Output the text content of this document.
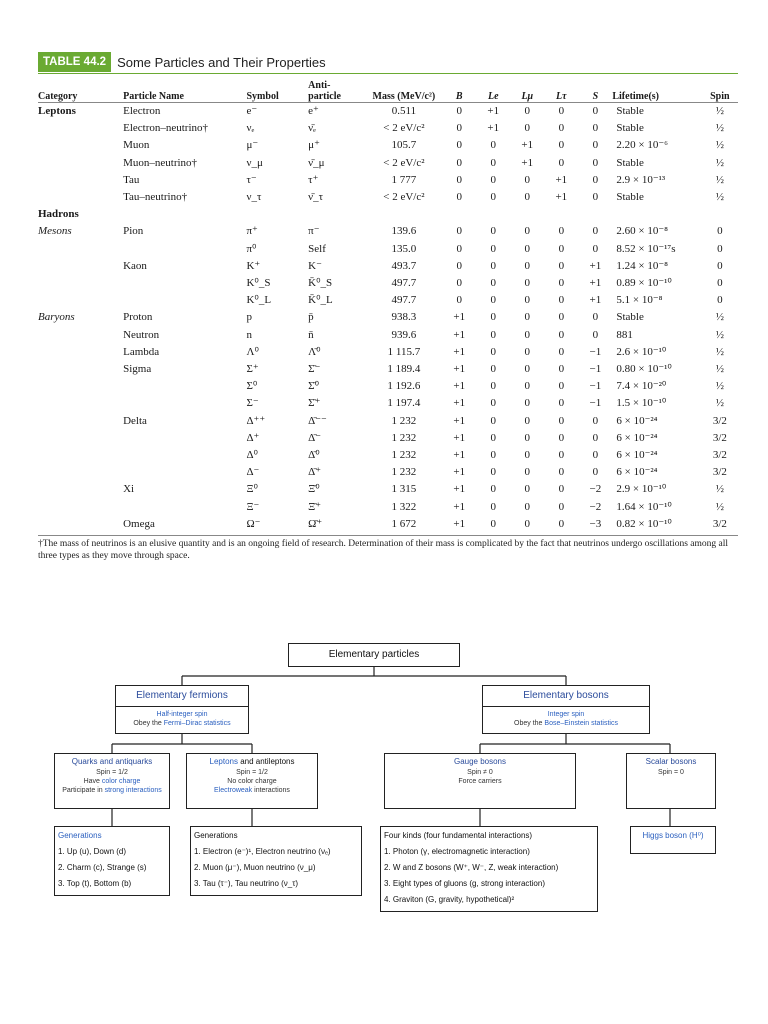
TABLE 44.2 Some Particles and Their Properties
Category	Particle Name	Symbol	Anti- particle	Mass (MeV/c²)	B	Le	Lμ	Lτ	S	Lifetime(s)	Spin
Leptons	Electron	e⁻	e⁺	0.511	0	+1	0	0	0	Stable	½
	Electron–neutrino†	νₑ	ν̄ₑ	< 2 eV/c²	0	+1	0	0	0	Stable	½
	Muon	μ⁻	μ⁺	105.7	0	0	+1	0	0	2.20 × 10⁻⁶	½
	Muon–neutrino†	ν_μ	ν̄_μ	< 2 eV/c²	0	0	+1	0	0	Stable	½
	Tau	τ⁻	τ⁺	1 777	0	0	0	+1	0	2.9 × 10⁻¹³	½
	Tau–neutrino†	ν_τ	ν̄_τ	< 2 eV/c²	0	0	0	+1	0	Stable	½
Hadrons											
Mesons	Pion	π⁺	π⁻	139.6	0	0	0	0	0	2.60 × 10⁻⁸	0
		π⁰	Self	135.0	0	0	0	0	0	8.52 × 10⁻¹⁷s	0
	Kaon	K⁺	K⁻	493.7	0	0	0	0	+1	1.24 × 10⁻⁸	0
		K⁰_S	K̄⁰_S	497.7	0	0	0	0	+1	0.89 × 10⁻¹⁰	0
		K⁰_L	K̄⁰_L	497.7	0	0	0	0	+1	5.1 × 10⁻⁸	0
Baryons	Proton	p	p̄	938.3	+1	0	0	0	0	Stable	½
	Neutron	n	n̄	939.6	+1	0	0	0	0	881	½
	Lambda	Λ⁰	Λ̄⁰	1 115.7	+1	0	0	0	−1	2.6 × 10⁻¹⁰	½
	Sigma	Σ⁺	Σ̄⁻	1 189.4	+1	0	0	0	−1	0.80 × 10⁻¹⁰	½
		Σ⁰	Σ̄⁰	1 192.6	+1	0	0	0	−1	7.4 × 10⁻²⁰	½
		Σ⁻	Σ̄⁺	1 197.4	+1	0	0	0	−1	1.5 × 10⁻¹⁰	½
	Delta	Δ⁺⁺	Δ̄⁻⁻	1 232	+1	0	0	0	0	6 × 10⁻²⁴	3/2
		Δ⁺	Δ̄⁻	1 232	+1	0	0	0	0	6 × 10⁻²⁴	3/2
		Δ⁰	Δ̄⁰	1 232	+1	0	0	0	0	6 × 10⁻²⁴	3/2
		Δ⁻	Δ̄⁺	1 232	+1	0	0	0	0	6 × 10⁻²⁴	3/2
	Xi	Ξ⁰	Ξ̄⁰	1 315	+1	0	0	0	−2	2.9 × 10⁻¹⁰	½
		Ξ⁻	Ξ̄⁺	1 322	+1	0	0	0	−2	1.64 × 10⁻¹⁰	½
	Omega	Ω⁻	Ω̄⁺	1 672	+1	0	0	0	−3	0.82 × 10⁻¹⁰	3/2
†The mass of neutrinos is an elusive quantity and is an ongoing field of research. Determination of their mass is complicated by the fact that neutrinos undergo oscillations among all three types as they move through space.
Elementary particles
Elementary fermions
Half-integer spin
Obey the Fermi–Dirac statistics
Elementary bosons
Integer spin
Obey the Bose–Einstein statistics
Quarks and antiquarks
Spin = 1/2
Have color charge
Participate in strong interactions
Leptons and antileptons
Spin = 1/2
No color charge
Electroweak interactions
Gauge bosons
Spin ≠ 0
Force carriers
Scalar bosons
Spin = 0
Generations
1. Up (u), Down (d)
2. Charm (c), Strange (s)
3. Top (t), Bottom (b)
Generations
1. Electron (e⁻)¹, Electron neutrino (νₑ)
2. Muon (μ⁻), Muon neutrino (ν_μ)
3. Tau (τ⁻), Tau neutrino (ν_τ)
Four kinds (four fundamental interactions)
1. Photon (γ, electromagnetic interaction)
2. W and Z bosons (W⁺, W⁻, Z, weak interaction)
3. Eight types of gluons (g, strong interaction)
4. Graviton (G, gravity, hypothetical)²
Higgs boson (H⁰)
